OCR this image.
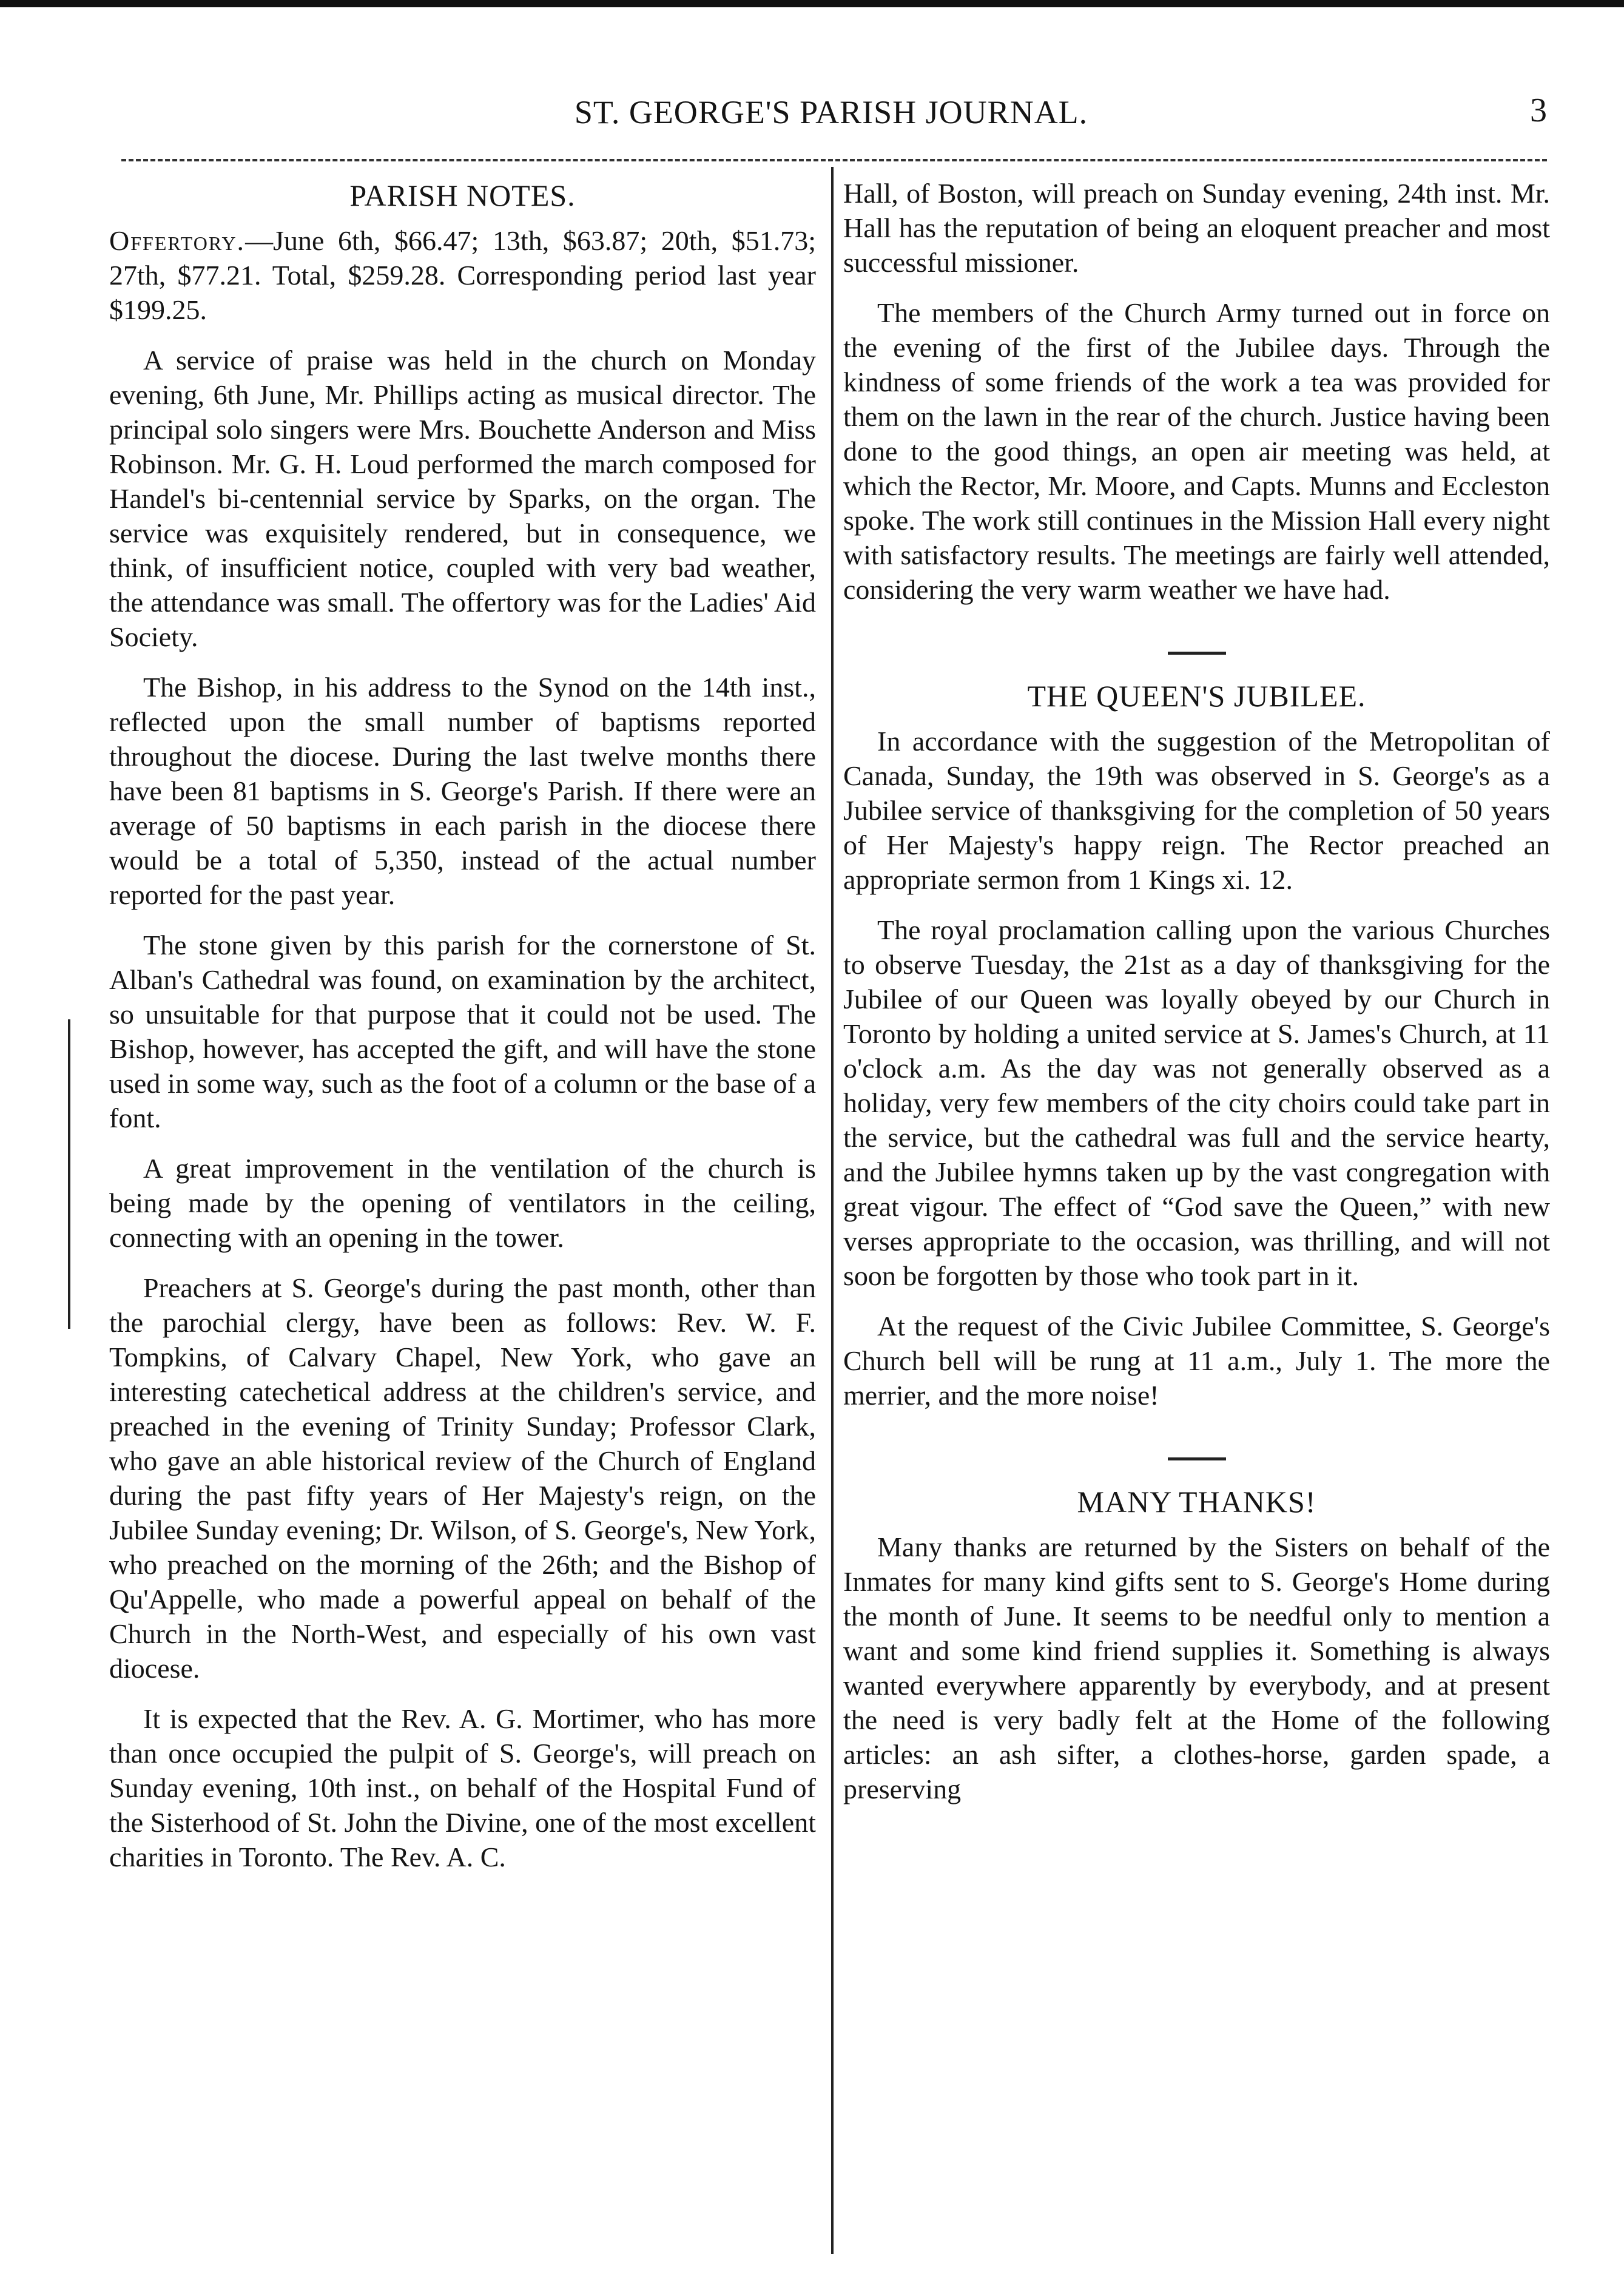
ST. GEORGE'S PARISH JOURNAL.	3
PARISH NOTES.

Offertory.—June 6th, $66.47; 13th, $63.87; 20th, $51.73; 27th, $77.21. Total, $259.28. Corresponding period last year $199.25.

A service of praise was held in the church on Monday evening, 6th June, Mr. Phillips acting as musical director. The principal solo singers were Mrs. Bouchette Anderson and Miss Robinson. Mr. G. H. Loud performed the march composed for Handel's bi-centennial service by Sparks, on the organ. The service was exquisitely rendered, but in consequence, we think, of insufficient notice, coupled with very bad weather, the attendance was small. The offertory was for the Ladies' Aid Society.

The Bishop, in his address to the Synod on the 14th inst., reflected upon the small number of baptisms reported throughout the diocese. During the last twelve months there have been 81 baptisms in S. George's Parish. If there were an average of 50 baptisms in each parish in the diocese there would be a total of 5,350, instead of the actual number reported for the past year.

The stone given by this parish for the cornerstone of St. Alban's Cathedral was found, on examination by the architect, so unsuitable for that purpose that it could not be used. The Bishop, however, has accepted the gift, and will have the stone used in some way, such as the foot of a column or the base of a font.

A great improvement in the ventilation of the church is being made by the opening of ventilators in the ceiling, connecting with an opening in the tower.

Preachers at S. George's during the past month, other than the parochial clergy, have been as follows: Rev. W. F. Tompkins, of Calvary Chapel, New York, who gave an interesting catechetical address at the children's service, and preached in the evening of Trinity Sunday; Professor Clark, who gave an able historical review of the Church of England during the past fifty years of Her Majesty's reign, on the Jubilee Sunday evening; Dr. Wilson, of S. George's, New York, who preached on the morning of the 26th; and the Bishop of Qu'Appelle, who made a powerful appeal on behalf of the Church in the North-West, and especially of his own vast diocese.

It is expected that the Rev. A. G. Mortimer, who has more than once occupied the pulpit of S. George's, will preach on Sunday evening, 10th inst., on behalf of the Hospital Fund of the Sisterhood of St. John the Divine, one of the most excellent charities in Toronto. The Rev. A. C.

Hall, of Boston, will preach on Sunday evening, 24th inst. Mr. Hall has the reputation of being an eloquent preacher and most successful missioner.

The members of the Church Army turned out in force on the evening of the first of the Jubilee days. Through the kindness of some friends of the work a tea was provided for them on the lawn in the rear of the church. Justice having been done to the good things, an open air meeting was held, at which the Rector, Mr. Moore, and Capts. Munns and Eccleston spoke. The work still continues in the Mission Hall every night with satisfactory results. The meetings are fairly well attended, considering the very warm weather we have had.

THE QUEEN'S JUBILEE.

In accordance with the suggestion of the Metropolitan of Canada, Sunday, the 19th was observed in S. George's as a Jubilee service of thanksgiving for the completion of 50 years of Her Majesty's happy reign. The Rector preached an appropriate sermon from 1 Kings xi. 12.

The royal proclamation calling upon the various Churches to observe Tuesday, the 21st as a day of thanksgiving for the Jubilee of our Queen was loyally obeyed by our Church in Toronto by holding a united service at S. James's Church, at 11 o'clock a.m. As the day was not generally observed as a holiday, very few members of the city choirs could take part in the service, but the cathedral was full and the service hearty, and the Jubilee hymns taken up by the vast congregation with great vigour. The effect of “God save the Queen,” with new verses appropriate to the occasion, was thrilling, and will not soon be forgotten by those who took part in it.

At the request of the Civic Jubilee Committee, S. George's Church bell will be rung at 11 a.m., July 1. The more the merrier, and the more noise!

MANY THANKS!

Many thanks are returned by the Sisters on behalf of the Inmates for many kind gifts sent to S. George's Home during the month of June. It seems to be needful only to mention a want and some kind friend supplies it. Something is always wanted everywhere apparently by everybody, and at present the need is very badly felt at the Home of the following articles: an ash sifter, a clothes-horse, garden spade, a preserving
